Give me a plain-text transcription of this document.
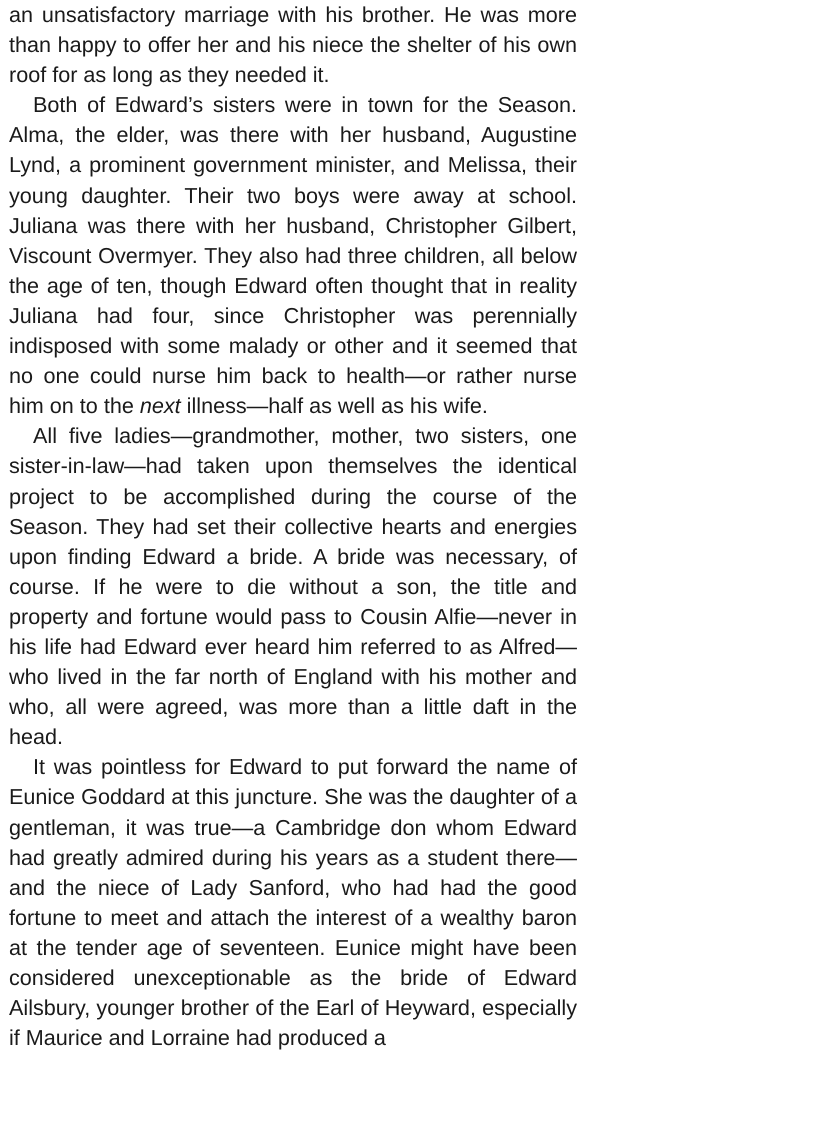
an unsatisfactory marriage with his brother. He was more than happy to offer her and his niece the shelter of his own roof for as long as they needed it.

Both of Edward’s sisters were in town for the Season. Alma, the elder, was there with her husband, Augustine Lynd, a prominent government minister, and Melissa, their young daughter. Their two boys were away at school. Juliana was there with her husband, Christopher Gilbert, Viscount Overmyer. They also had three children, all below the age of ten, though Edward often thought that in reality Juliana had four, since Christopher was perennially indisposed with some malady or other and it seemed that no one could nurse him back to health—or rather nurse him on to the next illness—half as well as his wife.

All five ladies—grandmother, mother, two sisters, one sister-in-law—had taken upon themselves the identical project to be accomplished during the course of the Season. They had set their collective hearts and energies upon finding Edward a bride. A bride was necessary, of course. If he were to die without a son, the title and property and fortune would pass to Cousin Alfie—never in his life had Edward ever heard him referred to as Alfred—who lived in the far north of England with his mother and who, all were agreed, was more than a little daft in the head.

It was pointless for Edward to put forward the name of Eunice Goddard at this juncture. She was the daughter of a gentleman, it was true—a Cambridge don whom Edward had greatly admired during his years as a student there—and the niece of Lady Sanford, who had had the good fortune to meet and attach the interest of a wealthy baron at the tender age of seventeen. Eunice might have been considered unexceptionable as the bride of Edward Ailsbury, younger brother of the Earl of Heyward, especially if Maurice and Lorraine had produced a
